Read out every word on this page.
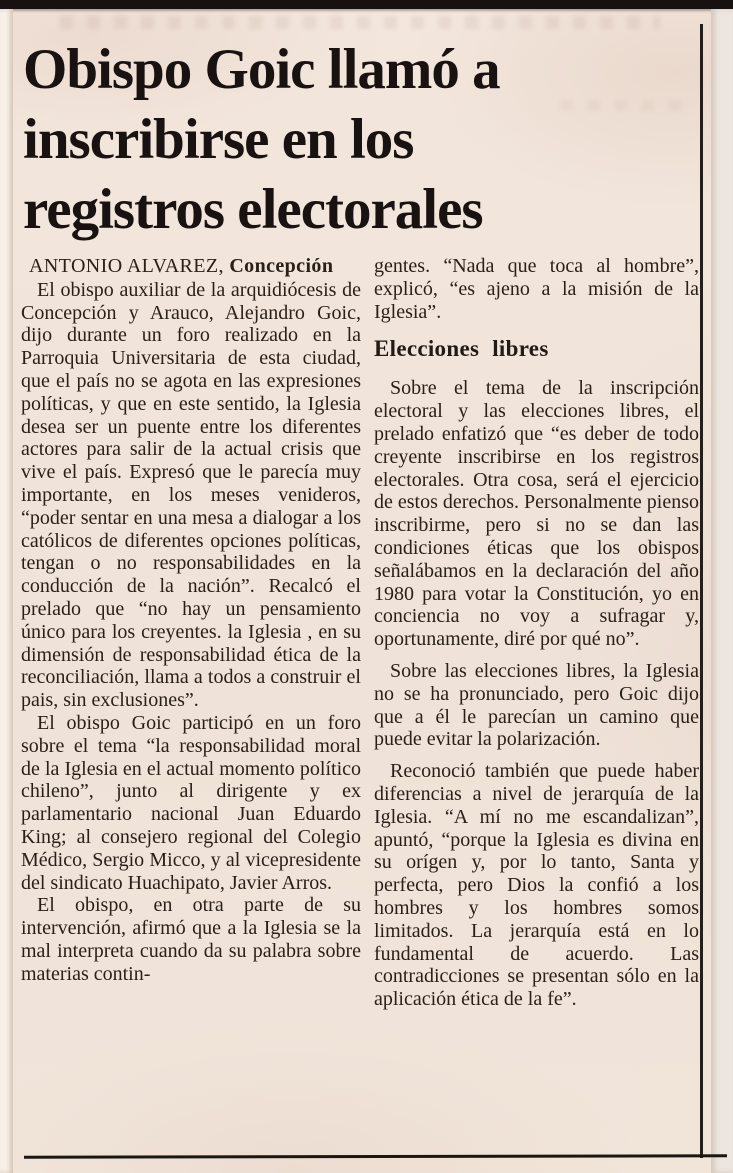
Obispo Goic llamó a
inscribirse en los
registros electorales

ANTONIO ALVAREZ, Concepción

El obispo auxiliar de la arquidiócesis de Concepción y Arauco, Alejandro Goic, dijo durante un foro realizado en la Parroquia Universitaria de esta ciudad, que el país no se agota en las expresiones políticas, y que en este sentido, la Iglesia desea ser un puente entre los diferentes actores para salir de la actual crisis que vive el país. Expresó que le parecía muy importante, en los meses venideros, “poder sentar en una mesa a dialogar a los católicos de diferentes opciones políticas, tengan o no responsabilidades en la conducción de la nación”. Recalcó el prelado que “no hay un pensamiento único para los creyentes. la Iglesia , en su dimensión de responsabilidad ética de la reconciliación, llama a todos a construir el pais, sin exclusiones”.

El obispo Goic participó en un foro sobre el tema “la responsabilidad moral de la Iglesia en el actual momento político chileno”, junto al dirigente y ex parlamentario nacional Juan Eduardo King; al consejero regional del Colegio Médico, Sergio Micco, y al vicepresidente del sindicato Huachipato, Javier Arros.

El obispo, en otra parte de su intervención, afirmó que a la Iglesia se la mal interpreta cuando da su palabra sobre materias contin-

gentes. “Nada que toca al hombre”, explicó, “es ajeno a la misión de la Iglesia”.

Elecciones libres

Sobre el tema de la inscripción electoral y las elecciones libres, el prelado enfatizó que “es deber de todo creyente inscribirse en los registros electorales. Otra cosa, será el ejercicio de estos derechos. Personalmente pienso inscribirme, pero si no se dan las condiciones éticas que los obispos señalábamos en la declaración del año 1980 para votar la Constitución, yo en conciencia no voy a sufragar y, oportunamente, diré por qué no”.

Sobre las elecciones libres, la Iglesia no se ha pronunciado, pero Goic dijo que a él le parecían un camino que puede evitar la polarización.

Reconoció también que puede haber diferencias a nivel de jerarquía de la Iglesia. “A mí no me escandalizan”, apuntó, “porque la Iglesia es divina en su orígen y, por lo tanto, Santa y perfecta, pero Dios la confió a los hombres y los hombres somos limitados. La jerarquía está en lo fundamental de acuerdo. Las contradicciones se presentan sólo en la aplicación ética de la fe”.
